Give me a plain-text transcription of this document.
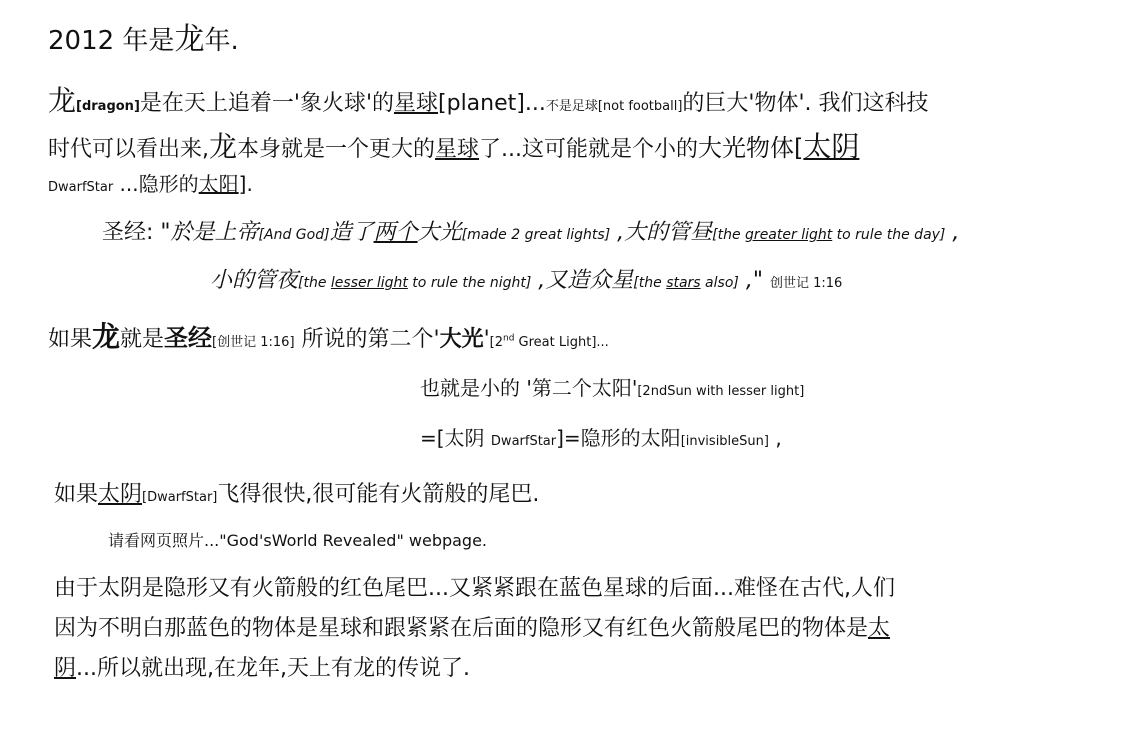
2012 年是龙年.
龙[dragon]是在天上追着一'象火球'的星球[planet]...不是足球[not football]的巨大'物体'. 我们这科技
时代可以看出来,龙本身就是一个更大的星球了...这可能就是个小的大光物体[太阴
DwarfStar ...隐形的太阳].
圣经: "於是上帝[And God]造了两个大光[made 2 great lights] ,大的管昼[the greater light to rule the day] ,
小的管夜[the lesser light to rule the night] ,又造众星[the stars also] ," 创世记 1:16
如果龙就是圣经[创世记 1:16] 所说的第二个'大光'[2nd Great Light]...
也就是小的 '第二个太阳'[2ndSun with lesser light]
=[太阴 DwarfStar]=隐形的太阳[invisibleSun] ,
如果太阴[DwarfStar]飞得很快,很可能有火箭般的尾巴.
请看网页照片..."God'sWorld Revealed" webpage.
由于太阴是隐形又有火箭般的红色尾巴...又紧紧跟在蓝色星球的后面...难怪在古代,人们
因为不明白那蓝色的物体是星球和跟紧紧在后面的隐形又有红色火箭般尾巴的物体是太
阴...所以就出现,在龙年,天上有龙的传说了.
